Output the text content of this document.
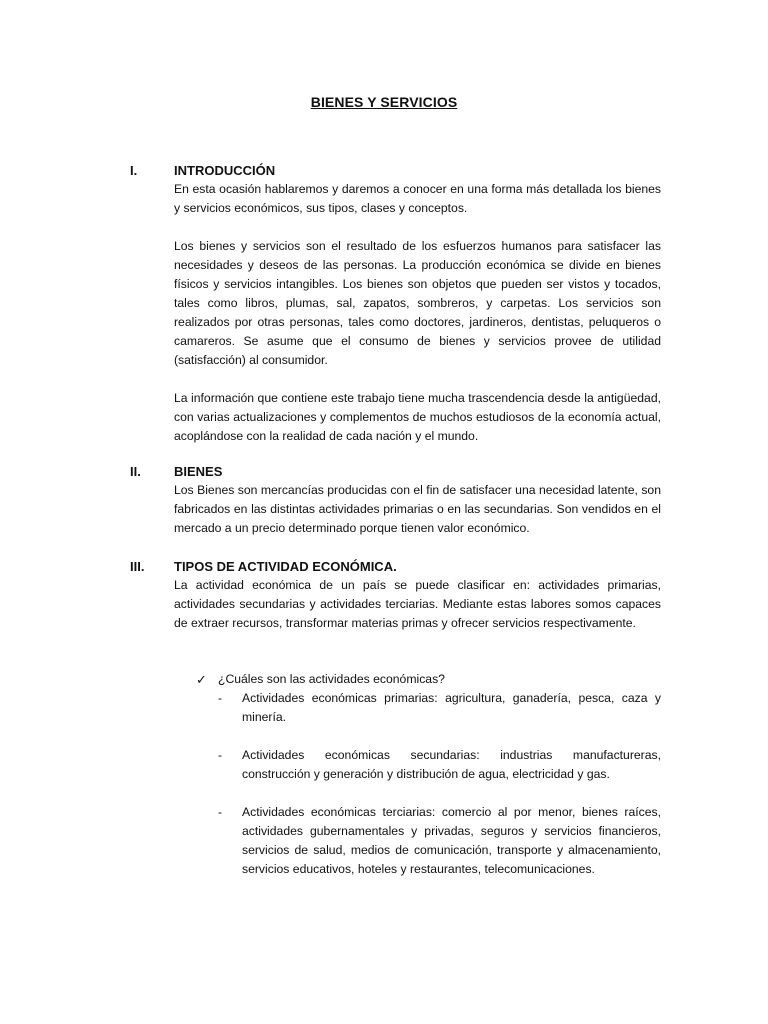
BIENES Y SERVICIOS
I.	INTRODUCCIÓN

En esta ocasión hablaremos y daremos a conocer en una forma más detallada los bienes y servicios económicos, sus tipos, clases y conceptos.

Los bienes y servicios son el resultado de los esfuerzos humanos para satisfacer las necesidades y deseos de las personas. La producción económica se divide en bienes físicos y servicios intangibles. Los bienes son objetos que pueden ser vistos y tocados, tales como libros, plumas, sal, zapatos, sombreros, y carpetas. Los servicios son realizados por otras personas, tales como doctores, jardineros, dentistas, peluqueros o camareros. Se asume que el consumo de bienes y servicios provee de utilidad (satisfacción) al consumidor.

La información que contiene este trabajo tiene mucha trascendencia desde la antigüedad, con varias actualizaciones y complementos de muchos estudiosos de la economía actual, acoplándose con la realidad de cada nación y el mundo.

II.	BIENES

Los Bienes son mercancías producidas con el fin de satisfacer una necesidad latente, son fabricados en las distintas actividades primarias o en las secundarias. Son vendidos en el mercado a un precio determinado porque tienen valor económico.

III. TIPOS DE ACTIVIDAD ECONÓMICA.

La actividad económica de un país se puede clasificar en: actividades primarias, actividades secundarias y actividades terciarias. Mediante estas labores somos capaces de extraer recursos, transformar materias primas y ofrecer servicios respectivamente.

✓ ¿Cuáles son las actividades económicas?
- Actividades económicas primarias: agricultura, ganadería, pesca, caza y minería.

- Actividades económicas secundarias: industrias manufactureras, construcción y generación y distribución de agua, electricidad y gas.

- Actividades económicas terciarias: comercio al por menor, bienes raíces, actividades gubernamentales y privadas, seguros y servicios financieros, servicios de salud, medios de comunicación, transporte y almacenamiento, servicios educativos, hoteles y restaurantes, telecomunicaciones.
